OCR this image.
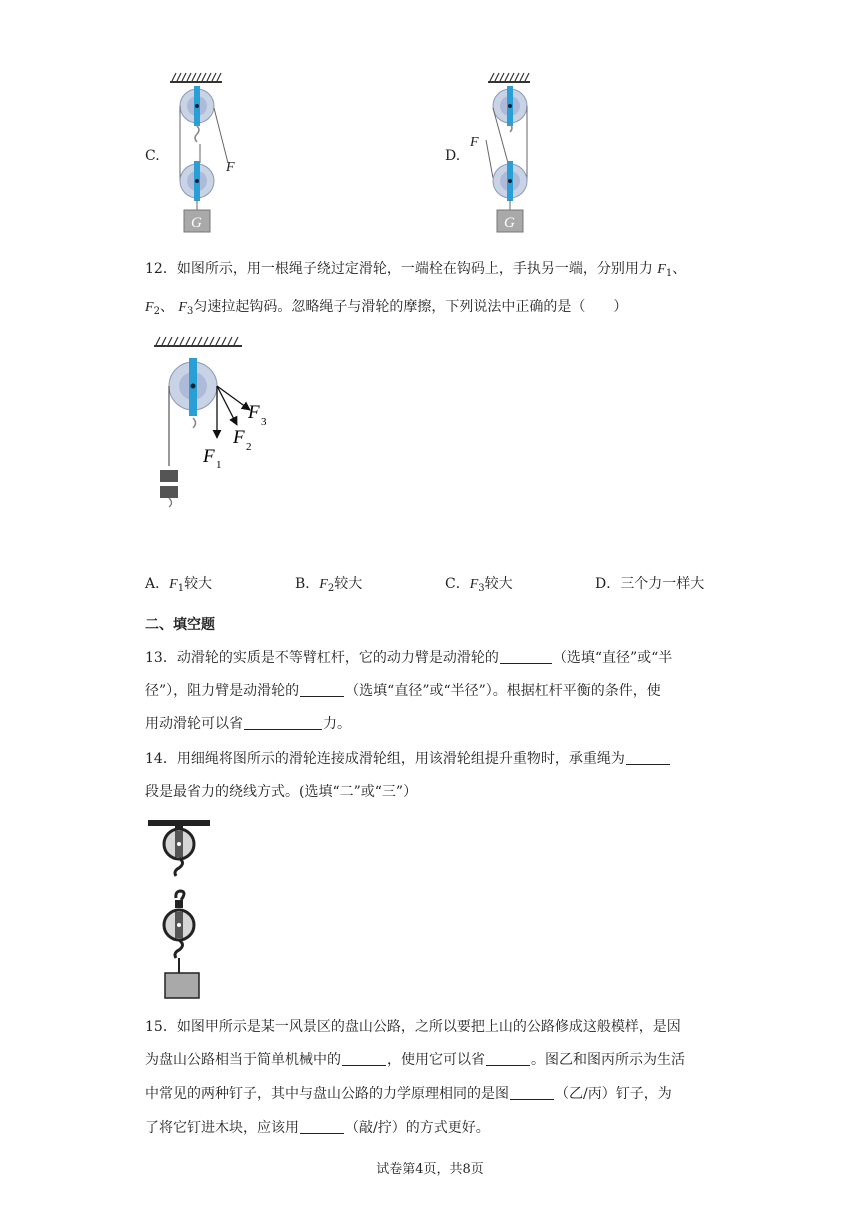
C.
G
F
D.
G
F
12．如图所示，用一根绳子绕过定滑轮，一端栓在钩码上，手执另一端，分别用力 $F_1$、
$F_2$、 $F_3$匀速拉起钩码。忽略绳子与滑轮的摩擦，下列说法中正确的是（　　）
F 1
F 2
F 3
A．$F_1$较大	B．$F_2$较大	C．$F_3$较大	D．三个力一样大
二、填空题
13．动滑轮的实质是不等臂杠杆，它的动力臂是动滑轮的	（选填“直径”或“半
径”），阻力臂是动滑轮的	（选填“直径”或“半径”）。根据杠杆平衡的条件，使
用动滑轮可以省	力。
14．用细绳将图所示的滑轮连接成滑轮组，用该滑轮组提升重物时，承重绳为
段是最省力的绕线方式。(选填“二”或“三”）
15．如图甲所示是某一风景区的盘山公路，之所以要把上山的公路修成这般模样，是因
为盘山公路相当于简单机械中的	，使用它可以省	。图乙和图丙所示为生活
中常见的两种钉子，其中与盘山公路的力学原理相同的是图	（乙/丙）钉子，为
了将它钉进木块，应该用	（敲/拧）的方式更好。
试卷第4页，共8页
